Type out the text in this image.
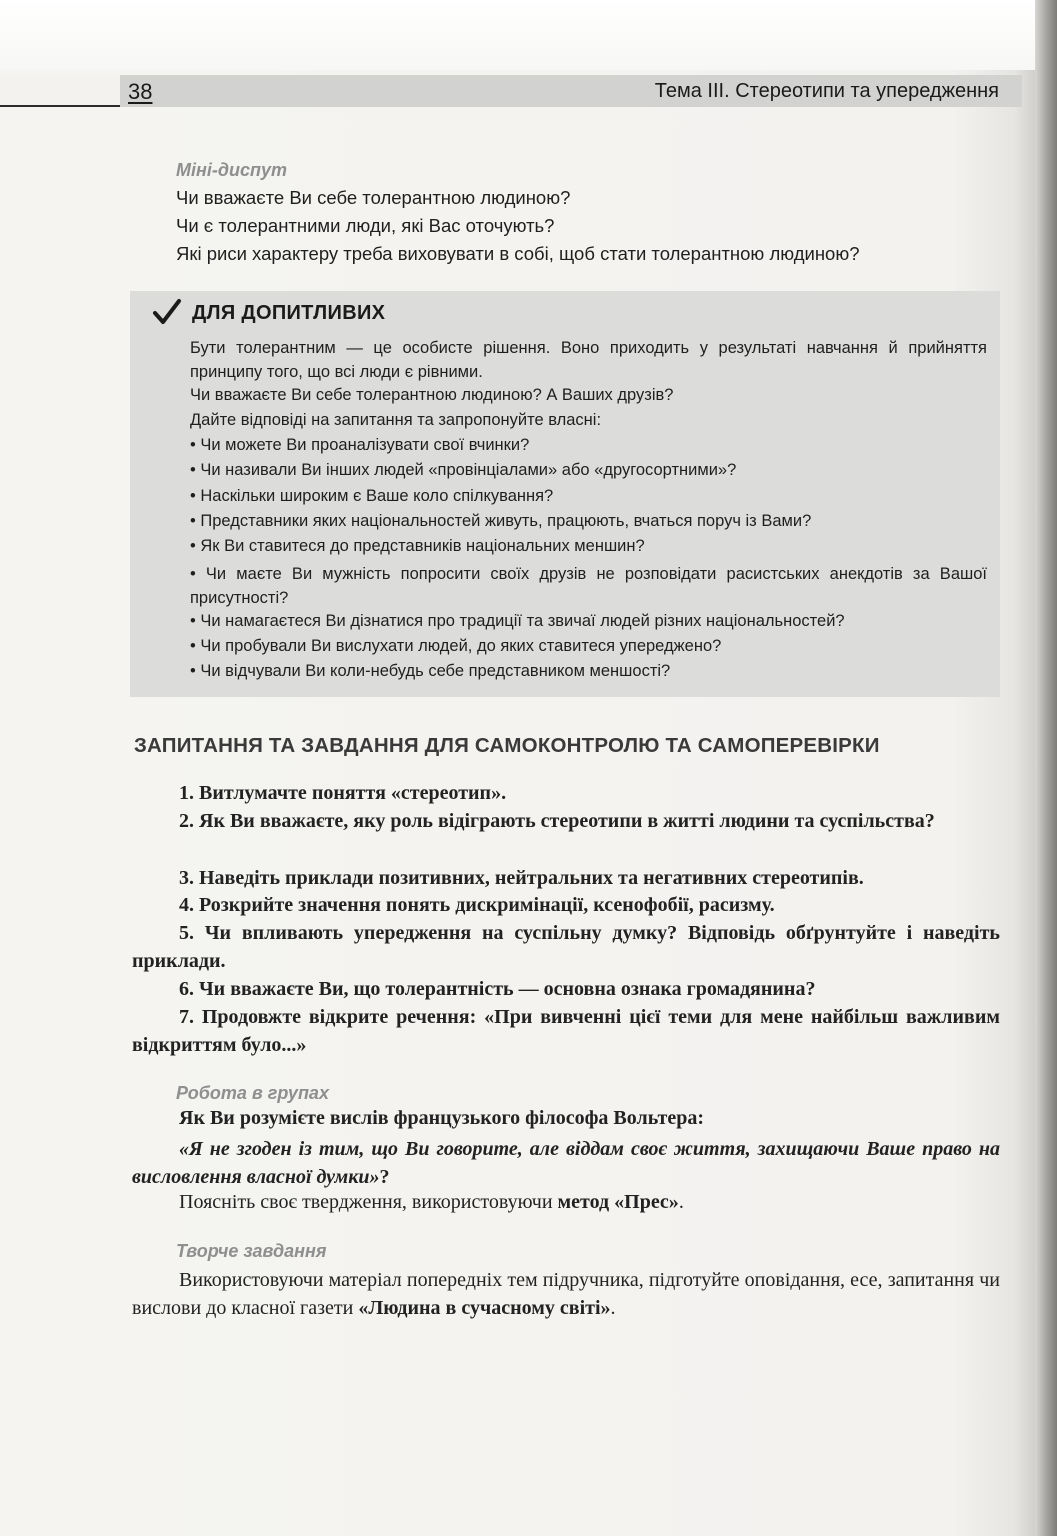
38	Тема III. Стереотипи та упередження
Міні-диспут
Чи вважаєте Ви себе толерантною людиною?
Чи є толерантними люди, які Вас оточують?
Які риси характеру треба виховувати в собі, щоб стати толерантною людиною?
ДЛЯ ДОПИТЛИВИХ
Бути толерантним — це особисте рішення. Воно приходить у результаті навчання й прийняття принципу того, що всі люди є рівними.
Чи вважаєте Ви себе толерантною людиною? А Ваших друзів?
Дайте відповіді на запитання та запропонуйте власні:
• Чи можете Ви проаналізувати свої вчинки?
• Чи називали Ви інших людей «провінціалами» або «другосортними»?
• Наскільки широким є Ваше коло спілкування?
• Представники яких національностей живуть, працюють, вчаться поруч із Вами?
• Як Ви ставитеся до представників національних меншин?
• Чи маєте Ви мужність попросити своїх друзів не розповідати расистських анекдотів за Вашої присутності?
• Чи намагаєтеся Ви дізнатися про традиції та звичаї людей різних національностей?
• Чи пробували Ви вислухати людей, до яких ставитеся упереджено?
• Чи відчували Ви коли-небудь себе представником меншості?
ЗАПИТАННЯ ТА ЗАВДАННЯ ДЛЯ САМОКОНТРОЛЮ ТА САМОПЕРЕВІРКИ
1. Витлумачте поняття «стереотип».
2. Як Ви вважаєте, яку роль відіграють стереотипи в житті людини та суспільства?
3. Наведіть приклади позитивних, нейтральних та негативних стереотипів.
4. Розкрийте значення понять дискримінації, ксенофобії, расизму.
5. Чи впливають упередження на суспільну думку? Відповідь обґрунтуйте і наведіть приклади.
6. Чи вважаєте Ви, що толерантність — основна ознака громадянина?
7. Продовжте відкрите речення: «При вивченні цієї теми для мене найбільш важливим відкриттям було...»
Робота в групах
Як Ви розумієте вислів французького філософа Вольтера:
«Я не згоден із тим, що Ви говорите, але віддам своє життя, захищаючи Ваше право на висловлення власної думки»?
Поясніть своє твердження, використовуючи метод «Прес».
Творче завдання
Використовуючи матеріал попередніх тем підручника, підготуйте оповідання, есе, запитання чи вислови до класної газети «Людина в сучасному світі».
